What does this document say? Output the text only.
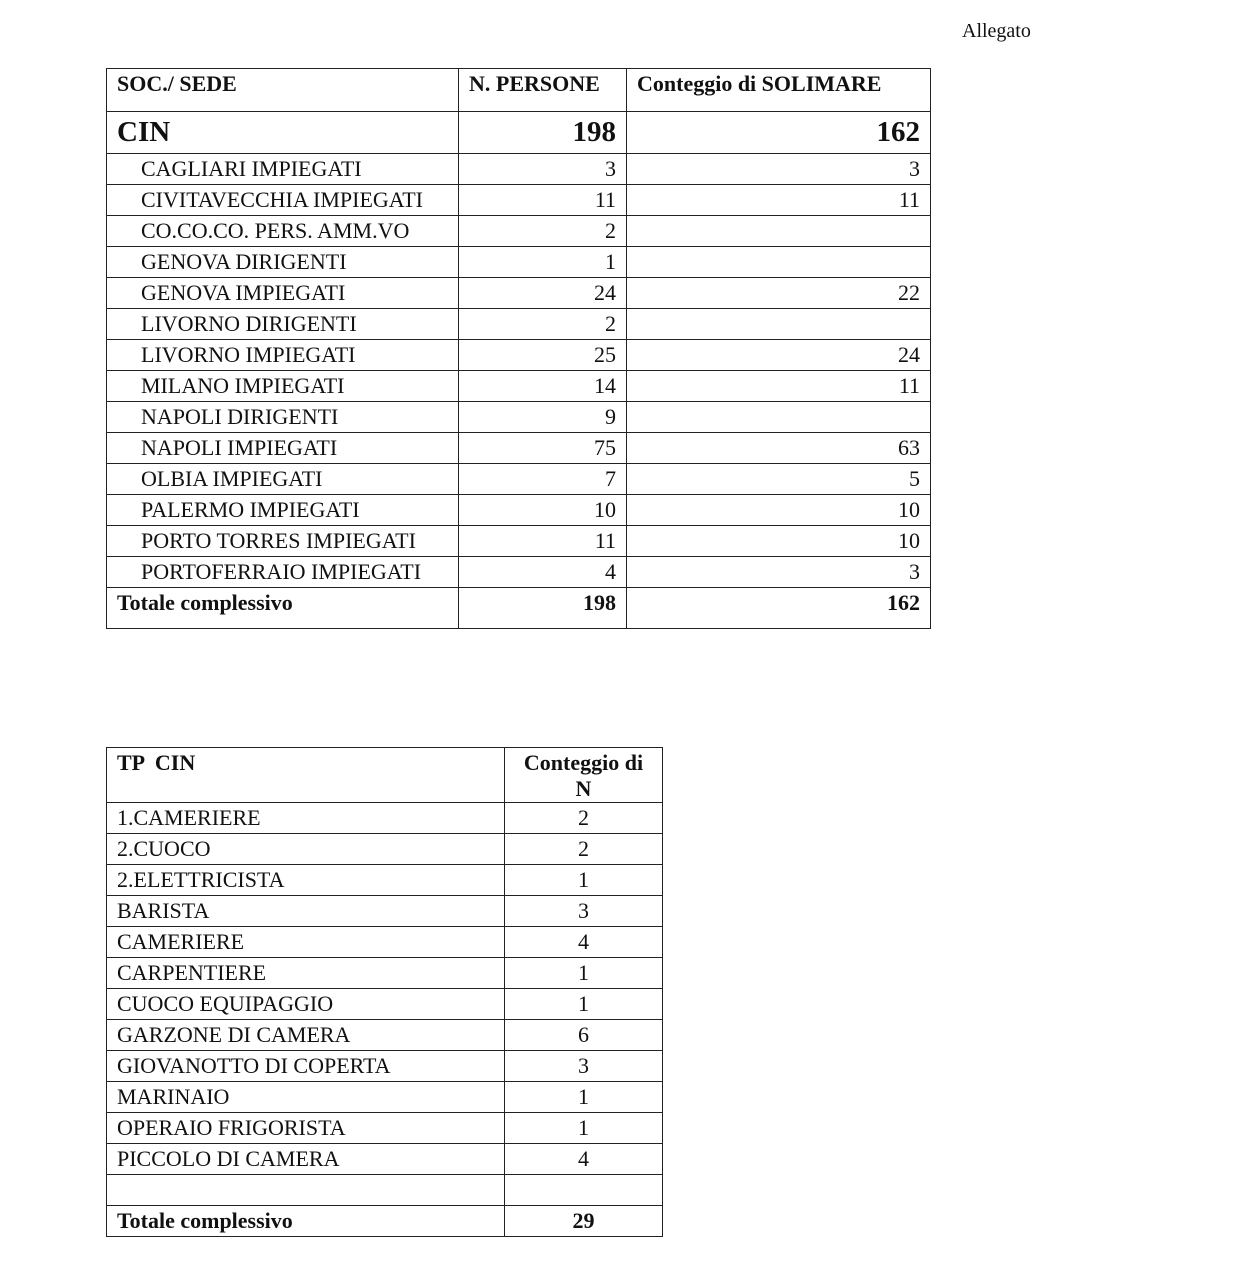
Allegato
SOC./ SEDE	N. PERSONE	Conteggio di SOLIMARE
CIN	198	162
CAGLIARI IMPIEGATI	3	3
CIVITAVECCHIA IMPIEGATI	11	11
CO.CO.CO. PERS. AMM.VO	2	
GENOVA DIRIGENTI	1	
GENOVA IMPIEGATI	24	22
LIVORNO DIRIGENTI	2	
LIVORNO IMPIEGATI	25	24
MILANO IMPIEGATI	14	11
NAPOLI DIRIGENTI	9	
NAPOLI IMPIEGATI	75	63
OLBIA IMPIEGATI	7	5
PALERMO IMPIEGATI	10	10
PORTO TORRES IMPIEGATI	11	10
PORTOFERRAIO IMPIEGATI	4	3
Totale complessivo	198	162
TP  CIN	Conteggio di N
1.CAMERIERE	2
2.CUOCO	2
2.ELETTRICISTA	1
BARISTA	3
CAMERIERE	4
CARPENTIERE	1
CUOCO EQUIPAGGIO	1
GARZONE DI CAMERA	6
GIOVANOTTO DI COPERTA	3
MARINAIO	1
OPERAIO FRIGORISTA	1
PICCOLO DI CAMERA	4

Totale complessivo	29
